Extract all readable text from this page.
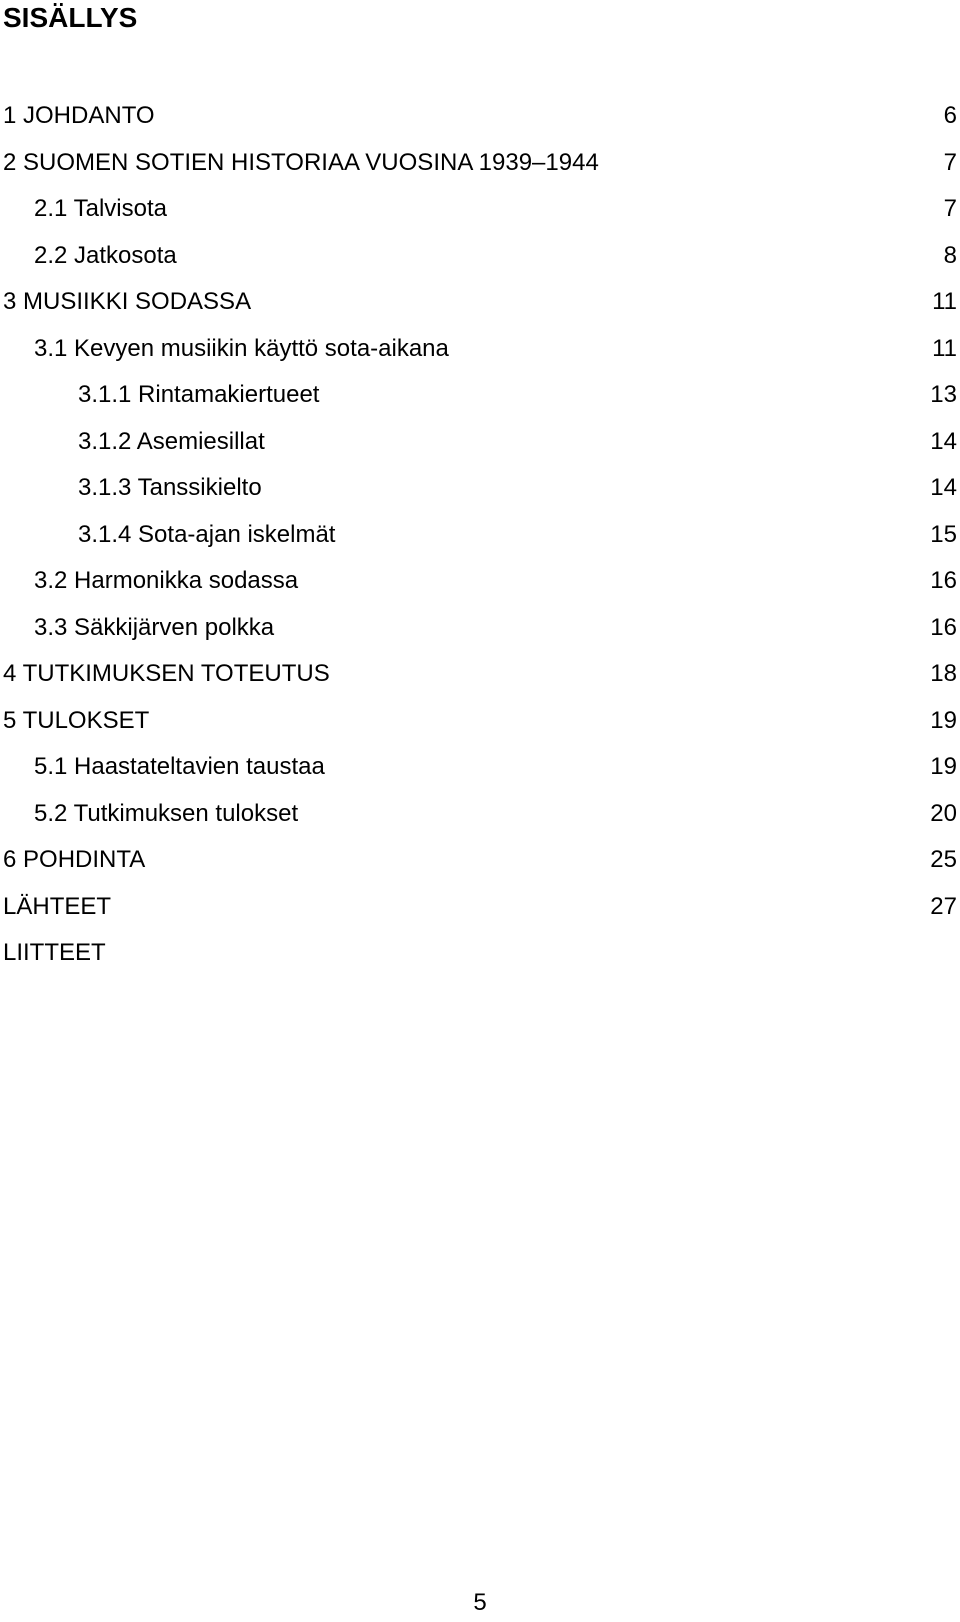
SISÄLLYS
1 JOHDANTO	6
2 SUOMEN SOTIEN HISTORIAA VUOSINA 1939–1944	7
2.1 Talvisota	7
2.2 Jatkosota	8
3 MUSIIKKI SODASSA	11
3.1 Kevyen musiikin käyttö sota-aikana	11
3.1.1 Rintamakiertueet	13
3.1.2 Asemiesillat	14
3.1.3 Tanssikielto	14
3.1.4 Sota-ajan iskelmät	15
3.2 Harmonikka sodassa	16
3.3 Säkkijärven polkka	16
4 TUTKIMUKSEN TOTEUTUS	18
5 TULOKSET	19
5.1 Haastateltavien taustaa	19
5.2 Tutkimuksen tulokset	20
6 POHDINTA	25
LÄHTEET	27
LIITTEET
5
